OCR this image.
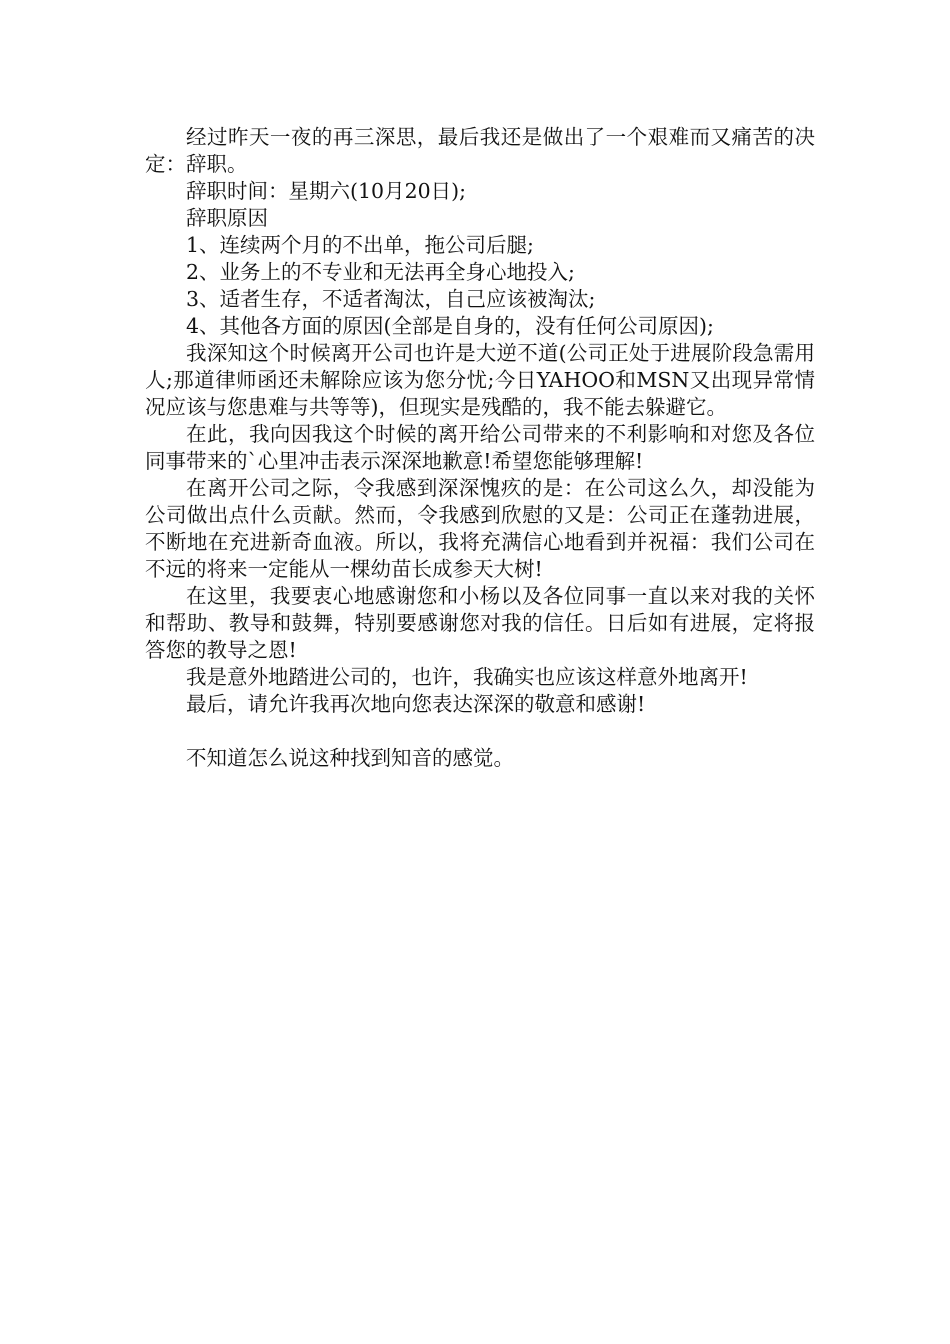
经过昨天一夜的再三深思，最后我还是做出了一个艰难而又痛苦的决定：辞职。

辞职时间：星期六(10月20日);

辞职原因

1、连续两个月的不出单，拖公司后腿;

2、业务上的不专业和无法再全身心地投入;

3、适者生存，不适者淘汰，自己应该被淘汰;

4、其他各方面的原因(全部是自身的，没有任何公司原因);

我深知这个时候离开公司也许是大逆不道(公司正处于进展阶段急需用人;那道律师函还未解除应该为您分忧;今日YAHOO和MSN又出现异常情况应该与您患难与共等等)，但现实是残酷的，我不能去躲避它。

在此，我向因我这个时候的离开给公司带来的不利影响和对您及各位同事带来的`心里冲击表示深深地歉意!希望您能够理解!

在离开公司之际，令我感到深深愧疚的是：在公司这么久，却没能为公司做出点什么贡献。然而，令我感到欣慰的又是：公司正在蓬勃进展，不断地在充进新奇血液。所以，我将充满信心地看到并祝福：我们公司在不远的将来一定能从一棵幼苗长成参天大树!

在这里，我要衷心地感谢您和小杨以及各位同事一直以来对我的关怀和帮助、教导和鼓舞，特别要感谢您对我的信任。日后如有进展，定将报答您的教导之恩!

我是意外地踏进公司的，也许，我确实也应该这样意外地离开!

最后，请允许我再次地向您表达深深的敬意和感谢!

不知道怎么说这种找到知音的感觉。
